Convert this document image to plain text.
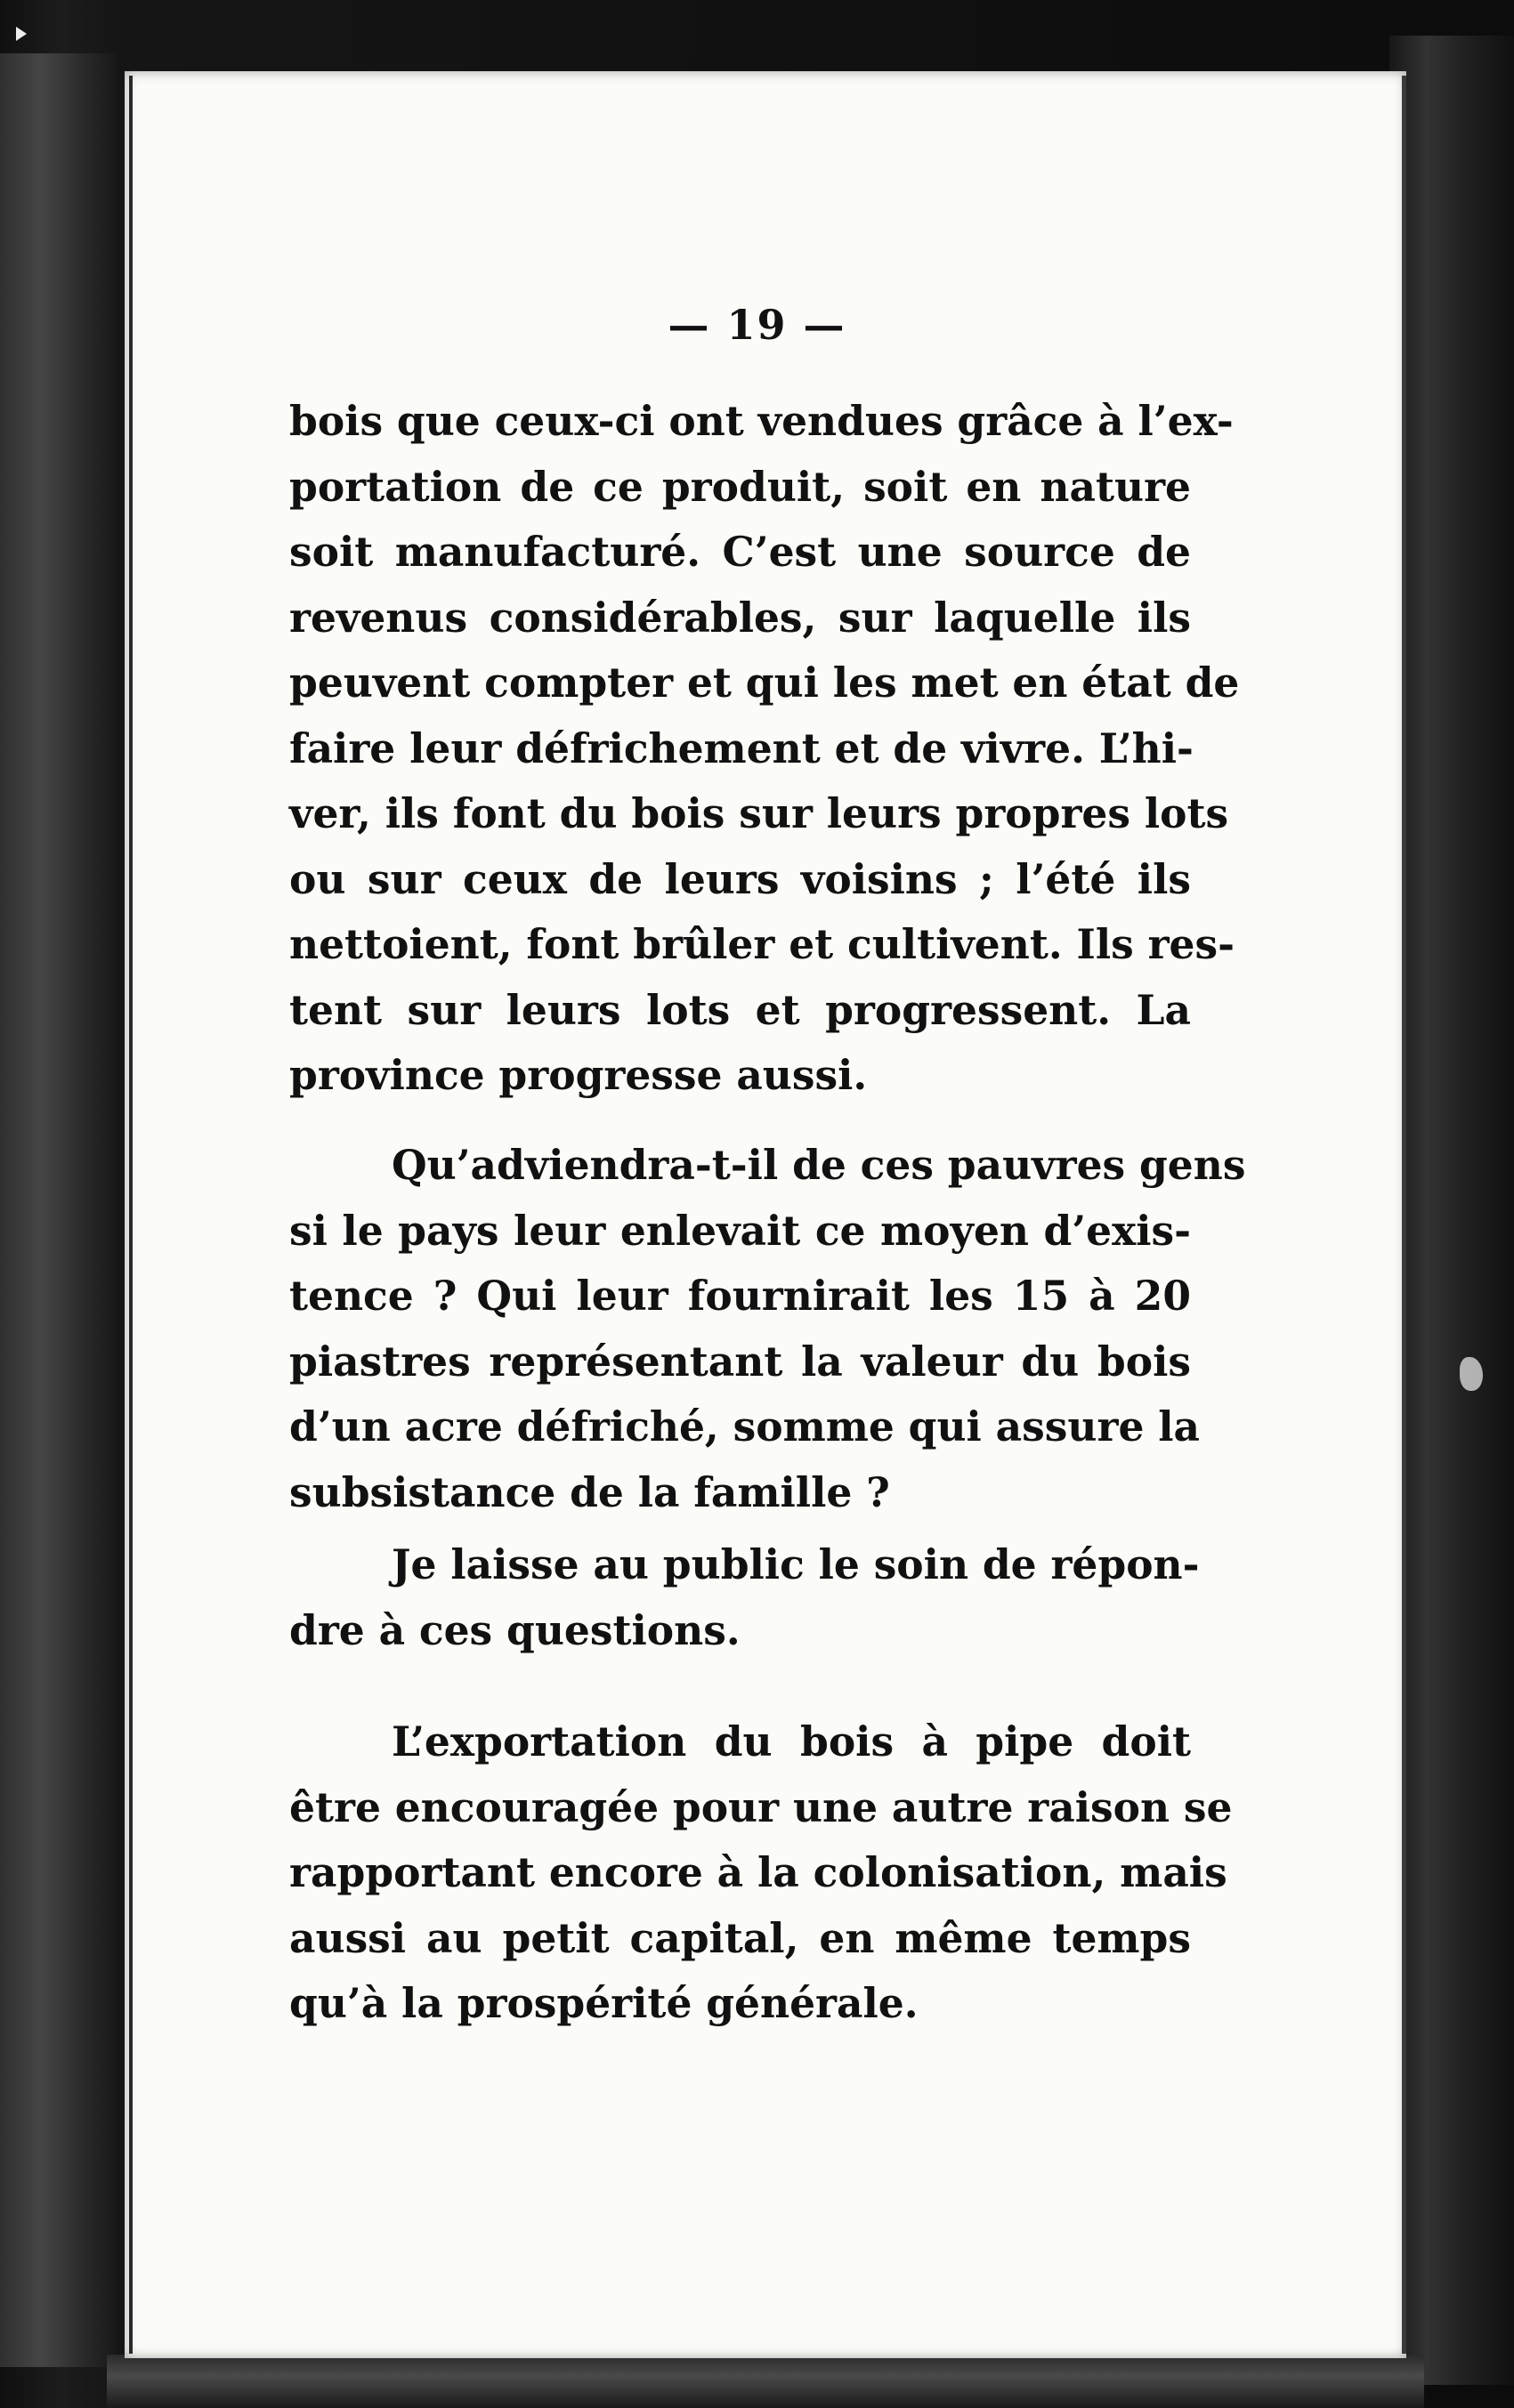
— 19 —

bois que ceux-ci ont vendues grâce à l’ex-
portation de ce produit, soit en nature
soit manufacturé. C’est une source de
revenus considérables, sur laquelle ils
peuvent compter et qui les met en état de
faire leur défrichement et de vivre. L’hi-
ver, ils font du bois sur leurs propres lots
ou sur ceux de leurs voisins ; l’été ils
nettoient, font brûler et cultivent. Ils res-
tent sur leurs lots et progressent. La
province progresse aussi.

Qu’adviendra-t-il de ces pauvres gens
si le pays leur enlevait ce moyen d’exis-
tence ? Qui leur fournirait les 15 à 20
piastres représentant la valeur du bois
d’un acre défriché, somme qui assure la
subsistance de la famille ?

Je laisse au public le soin de répon-
dre à ces questions.

L’exportation du bois à pipe doit
être encouragée pour une autre raison se
rapportant encore à la colonisation, mais
aussi au petit capital, en même temps
qu’à la prospérité générale.
